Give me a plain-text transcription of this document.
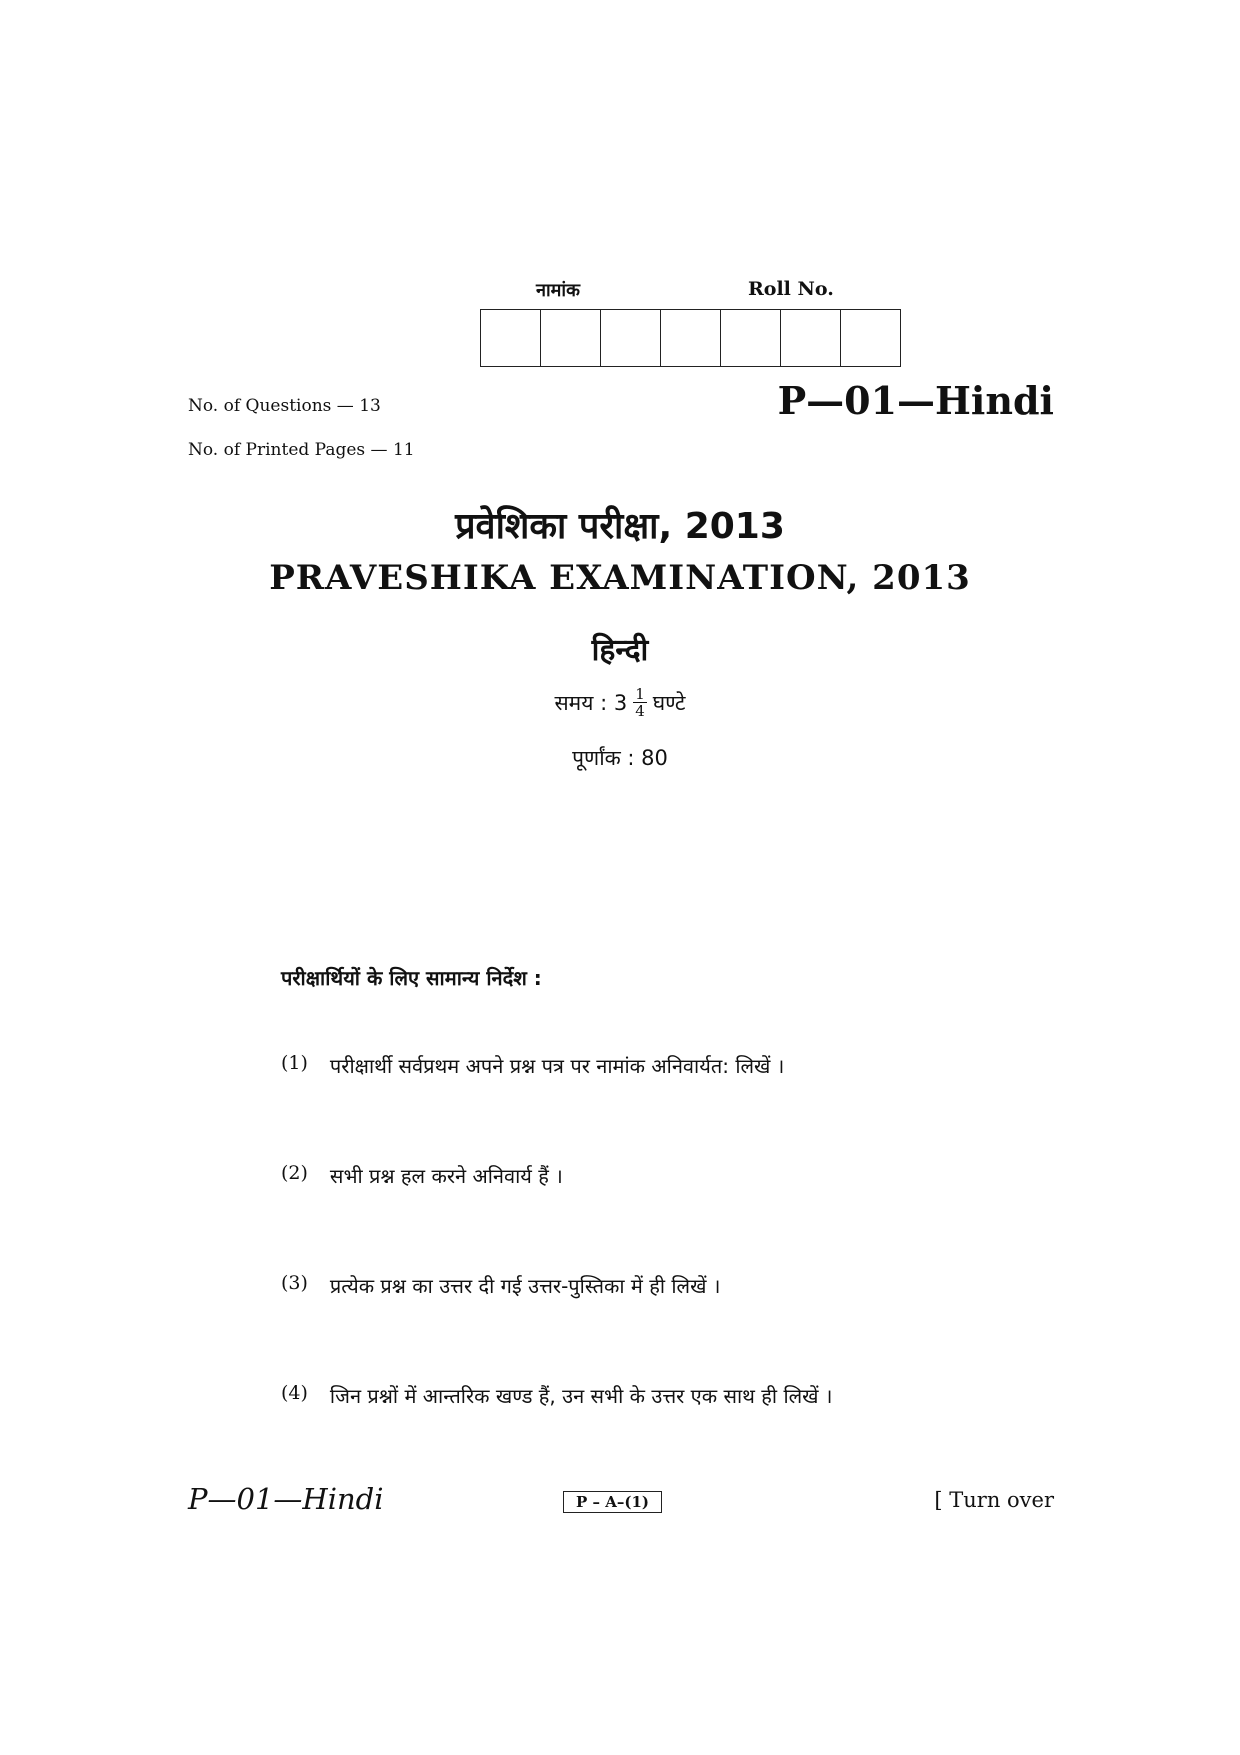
नामांक	Roll No.
No. of Questions — 13
No. of Printed Pages — 11
P—01—Hindi
प्रवेशिका परीक्षा, 2013
PRAVESHIKA EXAMINATION, 2013
हिन्दी
समय : $3 \frac{1}{4}$ घण्टे
पूर्णांक : 80
परीक्षार्थियों के लिए सामान्य निर्देश :
(1) परीक्षार्थी सर्वप्रथम अपने प्रश्न पत्र पर नामांक अनिवार्यत: लिखें ।
(2) सभी प्रश्न हल करने अनिवार्य हैं ।
(3) प्रत्येक प्रश्न का उत्तर दी गई उत्तर-पुस्तिका में ही लिखें ।
(4) जिन प्रश्नों में आन्तरिक खण्ड हैं, उन सभी के उत्तर एक साथ ही लिखें ।
P—01—Hindi	P – A–(1)	[ Turn over
